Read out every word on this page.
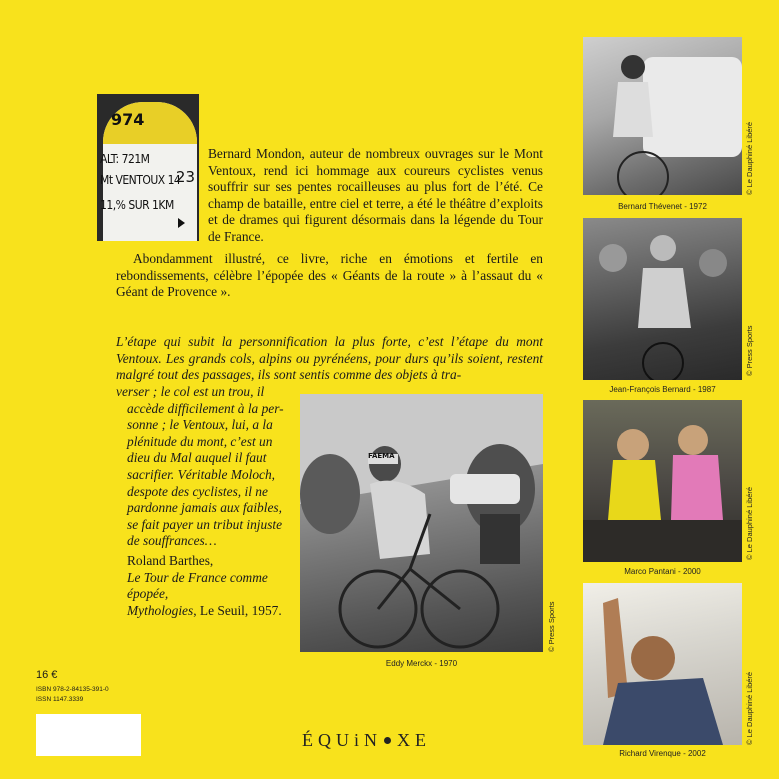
974
ALT: 721M
Mt VENTOUX 14
11,% SUR 1KM
23
Bernard Mondon, auteur de nombreux ouvrages sur le Mont Ventoux, rend ici hommage aux coureurs cyclistes venus souffrir sur ses pentes rocailleuses au plus fort de l’été. Ce champ de bataille, entre ciel et terre, a été le théâtre d’exploits et de drames qui figurent désormais dans la légende du Tour de France.
Abondamment illustré, ce livre, riche en émotions et fertile en rebondissements, célèbre l’épopée des « Géants de la route » à l’assaut du « Géant de Provence ».
L’étape qui subit la personnification la plus forte, c’est l’étape du mont Ventoux. Les grands cols, alpins ou pyrénéens, pour durs qu’ils soient, restent malgré tout des passages, ils sont sentis comme des objets à tra-
verser ; le col est un trou, il
accède difficilement à la per-
sonne ; le Ventoux, lui, a la
plénitude du mont, c’est un
dieu du Mal auquel il faut
sacrifier. Véritable Moloch,
despote des cyclistes, il ne
pardonne jamais aux faibles,
se fait payer un tribut injuste
de souffrances…
Roland Barthes,
Le Tour de France comme épopée,
Mythologies, Le Seuil, 1957.
FAEMA
Eddy Merckx - 1970
© Press Sports
Bernard Thévenet - 1972
© Le Dauphiné Libéré
Jean-François Bernard - 1987
© Press Sports
Marco Pantani - 2000
© Le Dauphiné Libéré
Richard Virenque - 2002
© Le Dauphiné Libéré
16 €
ISBN 978-2-84135-391-0
ISSN 1147.3339
ÉQUiN XE
